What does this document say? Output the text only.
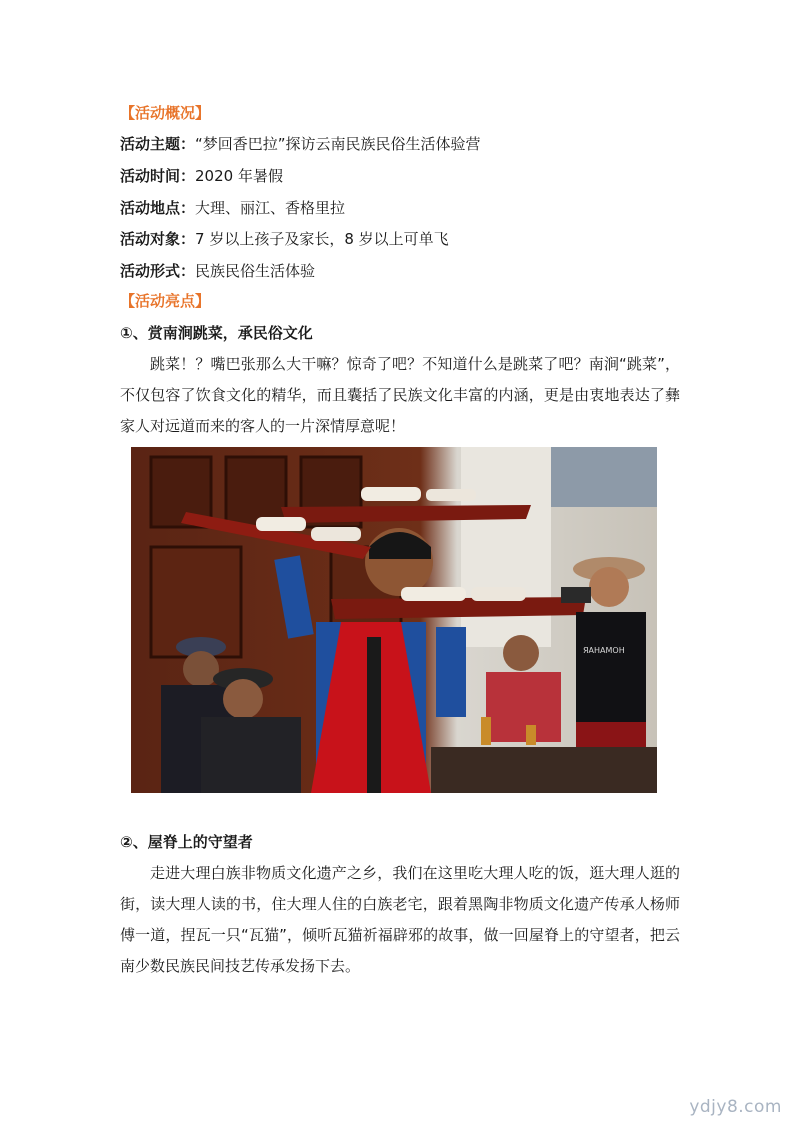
【活动概况】
活动主题：“梦回香巴拉”探访云南民族民俗生活体验营
活动时间：2020 年暑假
活动地点：大理、丽江、香格里拉
活动对象：7 岁以上孩子及家长，8 岁以上可单飞
活动形式：民族民俗生活体验
【活动亮点】
①、赏南涧跳菜，承民俗文化
跳菜！？嘴巴张那么大干嘛？惊奇了吧？不知道什么是跳菜了吧？南涧“跳菜”，不仅包容了饮食文化的精华，而且囊括了民族文化丰富的内涵，更是由衷地表达了彝家人对远道而来的客人的一片深情厚意呢！
ЯАНАМОН
②、屋脊上的守望者
走进大理白族非物质文化遗产之乡，我们在这里吃大理人吃的饭，逛大理人逛的街，读大理人读的书，住大理人住的白族老宅，跟着黑陶非物质文化遗产传承人杨师傅一道，捏瓦一只“瓦猫”，倾听瓦猫祈福辟邪的故事，做一回屋脊上的守望者，把云南少数民族民间技艺传承发扬下去。
ydjy8.com
